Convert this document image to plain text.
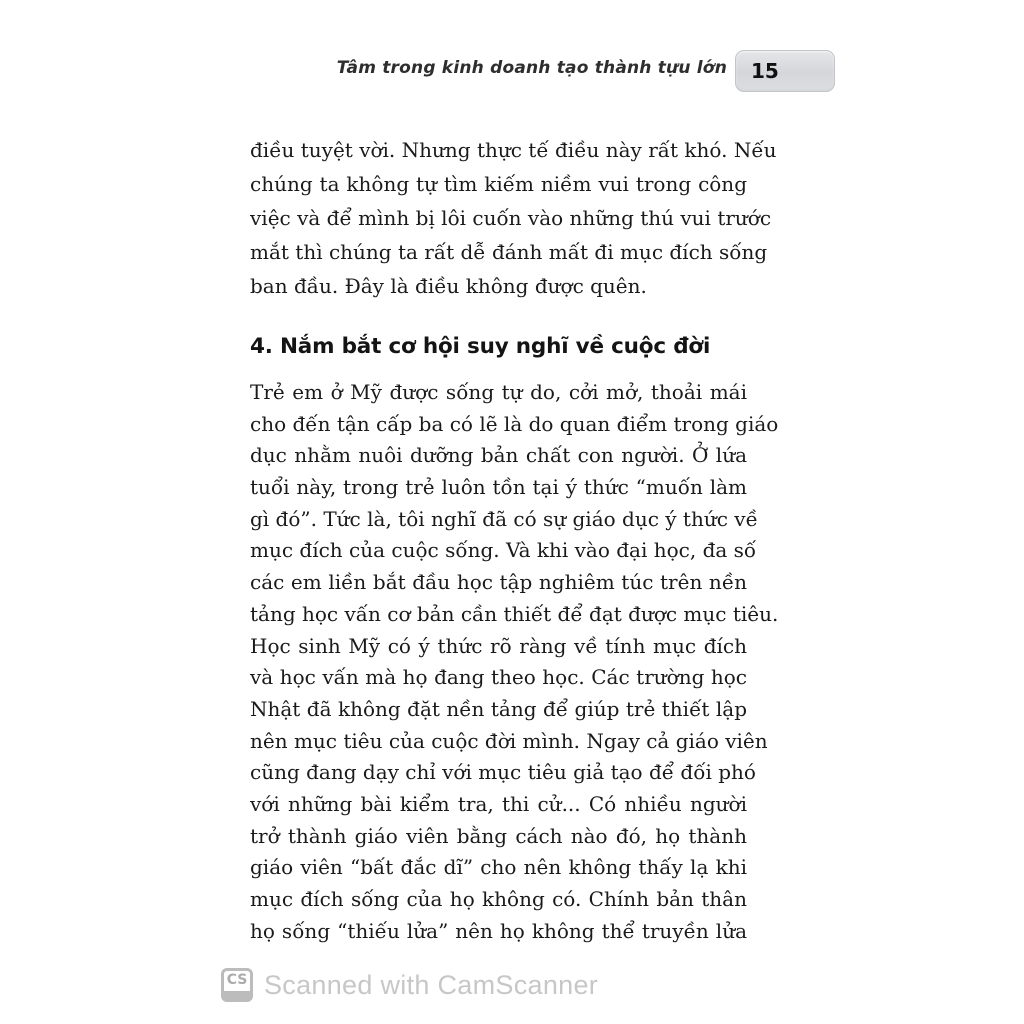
Tâm trong kinh doanh tạo thành tựu lớn	15
điều tuyệt vời. Nhưng thực tế điều này rất khó. Nếu
chúng ta không tự tìm kiếm niềm vui trong công
việc và để mình bị lôi cuốn vào những thú vui trước
mắt thì chúng ta rất dễ đánh mất đi mục đích sống
ban đầu. Đây là điều không được quên.
4. Nắm bắt cơ hội suy nghĩ về cuộc đời
Trẻ em ở Mỹ được sống tự do, cởi mở, thoải mái
cho đến tận cấp ba có lẽ là do quan điểm trong giáo
dục nhằm nuôi dưỡng bản chất con người. Ở lứa
tuổi này, trong trẻ luôn tồn tại ý thức “muốn làm
gì đó”. Tức là, tôi nghĩ đã có sự giáo dục ý thức về
mục đích của cuộc sống. Và khi vào đại học, đa số
các em liền bắt đầu học tập nghiêm túc trên nền
tảng học vấn cơ bản cần thiết để đạt được mục tiêu.
Học sinh Mỹ có ý thức rõ ràng về tính mục đích
và học vấn mà họ đang theo học. Các trường học
Nhật đã không đặt nền tảng để giúp trẻ thiết lập
nên mục tiêu của cuộc đời mình. Ngay cả giáo viên
cũng đang dạy chỉ với mục tiêu giả tạo để đối phó
với những bài kiểm tra, thi cử... Có nhiều người
trở thành giáo viên bằng cách nào đó, họ thành
giáo viên “bất đắc dĩ” cho nên không thấy lạ khi
mục đích sống của họ không có. Chính bản thân
họ sống “thiếu lửa” nên họ không thể truyền lửa
CS Scanned with CamScanner
